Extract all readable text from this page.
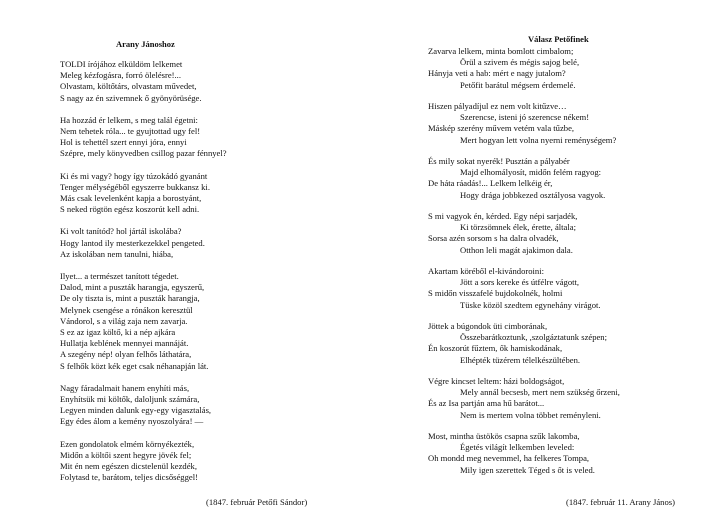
Arany Jánoshoz
TOLDI írójához elküldöm lelkemet
Meleg kézfogásra, forró ölelésre!...
Olvastam, költőtárs, olvastam művedet,
S nagy az én szivemnek ő gyönyörüsége.
Ha hozzád ér lelkem, s meg talál égetni:
Nem tehetek róla... te gyujtottad ugy fel!
Hol is tehettél szert ennyi jóra, ennyi
Szépre, mely könyvedben csillog pazar fénnyel?
Ki és mi vagy? hogy így túzokádó gyanánt
Tenger mélységéből egyszerre bukkansz ki.
Más csak levelenként kapja a borostyánt,
S neked rögtön egész koszorút kell adni.
Ki volt tanítód? hol jártál iskolába?
Hogy lantod ily mesterkezekkel pengeted.
Az iskolában nem tanulni, hiába,
Ilyet... a természet tanított tégedet.
Dalod, mint a puszták harangja, egyszerű,
De oly tiszta is, mint a puszták harangja,
Melynek csengése a rónákon keresztül
Vándorol, s a világ zaja nem zavarja.
S ez az igaz költő, ki a nép ajkára
Hullatja keblének mennyei mannáját.
A szegény nép! olyan felhős láthatára,
S felhők közt kék eget csak néhanapján lát.
Nagy fáradalmait hanem enyhíti más,
Enyhítsük mi költők, daloljunk számára,
Legyen minden dalunk egy-egy vigasztalás,
Egy édes álom a kemény nyoszolyára! —
Ezen gondolatok elmém környékezték,
Midőn a költői szent hegyre jövék fel;
Mit én nem egészen dicstelenül kezdék,
Folytasd te, barátom, teljes dicsőséggel!
(1847. február Petőfi Sándor)
Válasz Petőfinek
Zavarva lelkem, minta bomlott cimbalom;
Örül a szivem és mégis sajog belé,
Hányja veti a hab: mért e nagy jutalom?
Petőfit barátul mégsem érdemelé.
Hiszen pályadíjul ez nem volt kitűzve…
Szerencse, isteni jó szerencse nékem!
Máskép szerény művem vetém vala tűzbe,
Mert hogyan lett volna nyerni reménységem?
És mily sokat nyerék! Pusztán a pályabér
Majd elhomályosít, midőn felém ragyog:
De háta ráadás!... Lelkem lelkéig ér,
Hogy drága jobbkezed osztályosa vagyok.
S mi vagyok én, kérded. Egy népi sarjadék,
Ki törzsömnek élek, érette, általa;
Sorsa azén sorsom s ha dalra olvadék,
Otthon leli magát ajakimon dala.
Akartam köréből el-kivándoroini:
Jött a sors kereke és útfélre vágott,
S midőn visszafelé bujdokolnék, holmi
Tüske közöl szedtem egynehány virágot.
Jöttek a búgondok üti cimborának,
Összebarátkoztunk, ,szolgáztatunk szépen;
Én koszorút fűztem, ők hamiskodának,
Elhépték tüzérem télelkészültében.
Végre kincset leltem: házi boldogságot,
Mely annál becsesb, mert nem szükség őrzeni,
És az Isa partján ama hű barátot...
Nem is mertem volna többet reményleni.
Most, mintha üstökös csapna szűk lakomba,
Égetés világít lelkemben leveled:
Oh mondd meg nevemmel, ha felkeres Tompa,
Mily igen szerettek Téged s őt is veled.
(1847. február 11. Arany János)
